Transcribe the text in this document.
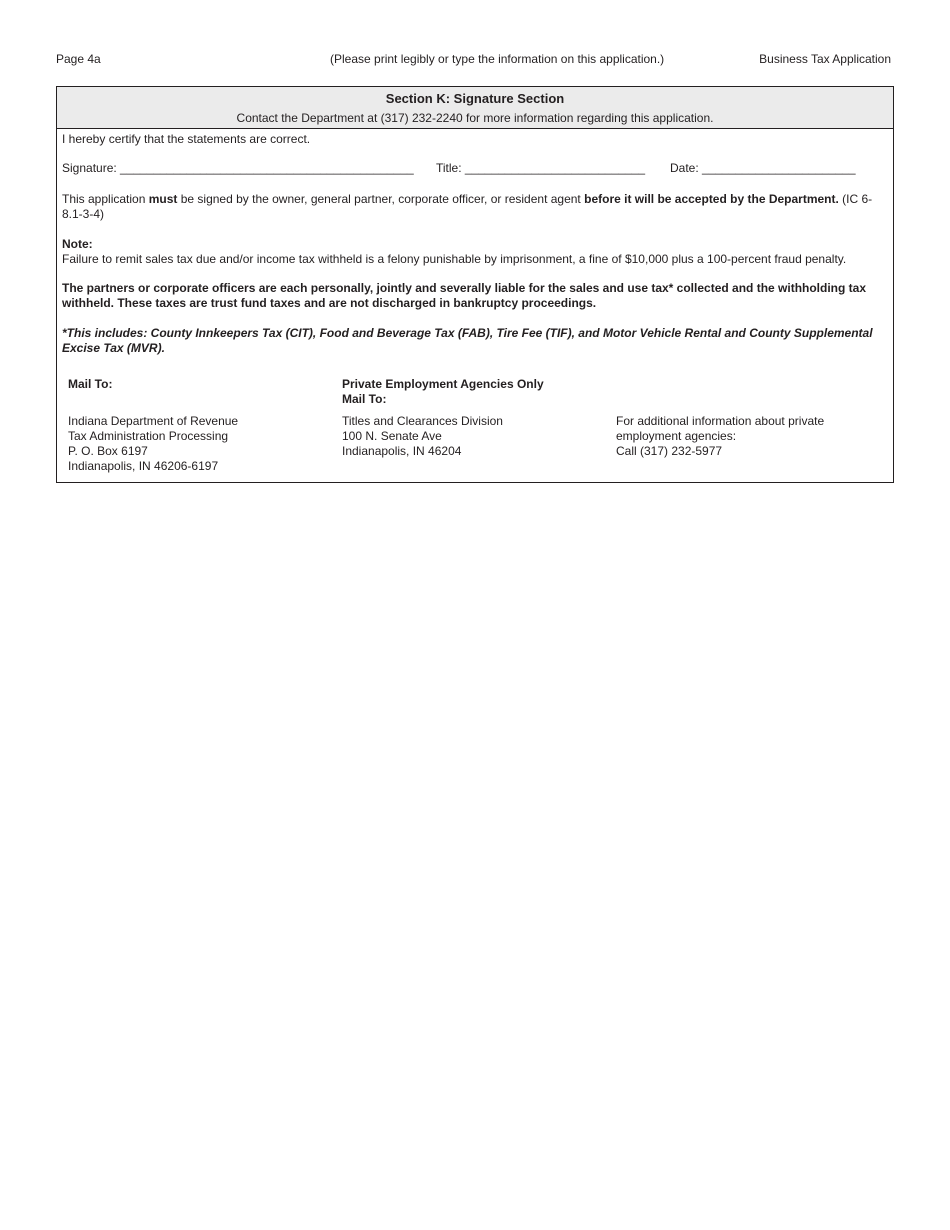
Page 4a	(Please print legibly or type the information on this application.)	Business Tax Application
Section K: Signature Section
Contact the Department at (317) 232-2240 for more information regarding this application.
I hereby certify that the statements are correct.
Signature: ____________________________________________ Title: ___________________________ Date: _______________________
This application must be signed by the owner, general partner, corporate officer, or resident agent before it will be accepted by the Department. (IC 6-8.1-3-4)
Note:
Failure to remit sales tax due and/or income tax withheld is a felony punishable by imprisonment, a fine of $10,000 plus a 100-percent fraud penalty.
The partners or corporate officers are each personally, jointly and severally liable for the sales and use tax* collected and the withholding tax withheld. These taxes are trust fund taxes and are not discharged in bankruptcy proceedings.
*This includes: County Innkeepers Tax (CIT), Food and Beverage Tax (FAB), Tire Fee (TIF), and Motor Vehicle Rental and County Supplemental Excise Tax (MVR).
Mail To:
Indiana Department of Revenue
Tax Administration Processing
P. O. Box 6197
Indianapolis, IN 46206-6197
Private Employment Agencies Only
Mail To:
Titles and Clearances Division
100 N. Senate Ave
Indianapolis, IN 46204
For additional information about private
employment agencies:
Call (317) 232-5977
